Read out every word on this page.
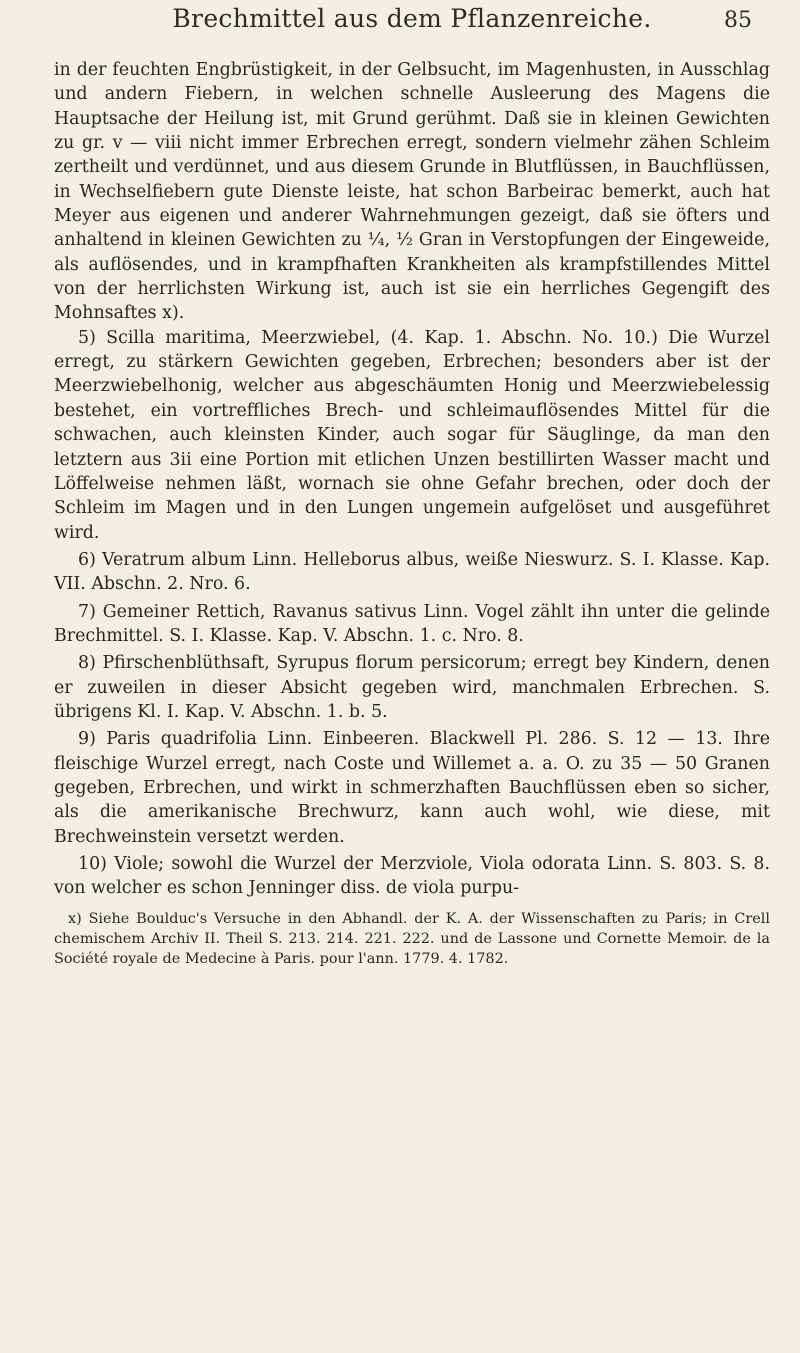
Brechmittel aus dem Pflanzenreiche.	85

in der feuchten Engbrüstigkeit, in der Gelbsucht, im Magenhusten, in Ausschlag und andern Fiebern, in welchen schnelle Ausleerung des Magens die Hauptsache der Heilung ist, mit Grund gerühmt. Daß sie in kleinen Gewichten zu gr. v — viii nicht immer Erbrechen erregt, sondern vielmehr zähen Schleim zertheilt und verdünnet, und aus diesem Grunde in Blutflüssen, in Bauchflüssen, in Wechselfiebern gute Dienste leiste, hat schon Barbeirac bemerkt, auch hat Meyer aus eigenen und anderer Wahrnehmungen gezeigt, daß sie öfters und anhaltend in kleinen Gewichten zu ¼, ½ Gran in Verstopfungen der Eingeweide, als auflösendes, und in krampfhaften Krankheiten als krampfstillendes Mittel von der herrlichsten Wirkung ist, auch ist sie ein herrliches Gegengift des Mohnsaftes x).

5) Scilla maritima, Meerzwiebel, (4. Kap. 1. Abschn. No. 10.) Die Wurzel erregt, zu stärkern Gewichten gegeben, Erbrechen; besonders aber ist der Meerzwiebelhonig, welcher aus abgeschäumten Honig und Meerzwiebelessig bestehet, ein vortreffliches Brech- und schleimauflösendes Mittel für die schwachen, auch kleinsten Kinder, auch sogar für Säuglinge, da man den letztern aus 3ii eine Portion mit etlichen Unzen bestillirten Wasser macht und Löffelweise nehmen läßt, wornach sie ohne Gefahr brechen, oder doch der Schleim im Magen und in den Lungen ungemein aufgelöset und ausgeführet wird.

6) Veratrum album Linn. Helleborus albus, weiße Nieswurz. S. I. Klasse. Kap. VII. Abschn. 2. Nro. 6.

7) Gemeiner Rettich, Ravanus sativus Linn. Vogel zählt ihn unter die gelinde Brechmittel. S. I. Klasse. Kap. V. Abschn. 1. c. Nro. 8.

8) Pfirschenblüthsaft, Syrupus florum persicorum; erregt bey Kindern, denen er zuweilen in dieser Absicht gegeben wird, manchmalen Erbrechen. S. übrigens Kl. I. Kap. V. Abschn. 1. b. 5.

9) Paris quadrifolia Linn. Einbeeren. Blackwell Pl. 286. S. 12 — 13. Ihre fleischige Wurzel erregt, nach Coste und Willemet a. a. O. zu 35 — 50 Granen gegeben, Erbrechen, und wirkt in schmerzhaften Bauchflüssen eben so sicher, als die amerikanische Brechwurz, kann auch wohl, wie diese, mit Brechweinstein versetzt werden.

10) Viole; sowohl die Wurzel der Merzviole, Viola odorata Linn. S. 803. S. 8. von welcher es schon Jenninger diss. de viola purpu-

x) Siehe Boulduc's Versuche in den Abhandl. der K. A. der Wissenschaften zu Paris; in Crell chemischem Archiv II. Theil S. 213. 214. 221. 222. und de Lassone und Cornette Memoir. de la Société royale de Medecine à Paris. pour l'ann. 1779. 4. 1782.
